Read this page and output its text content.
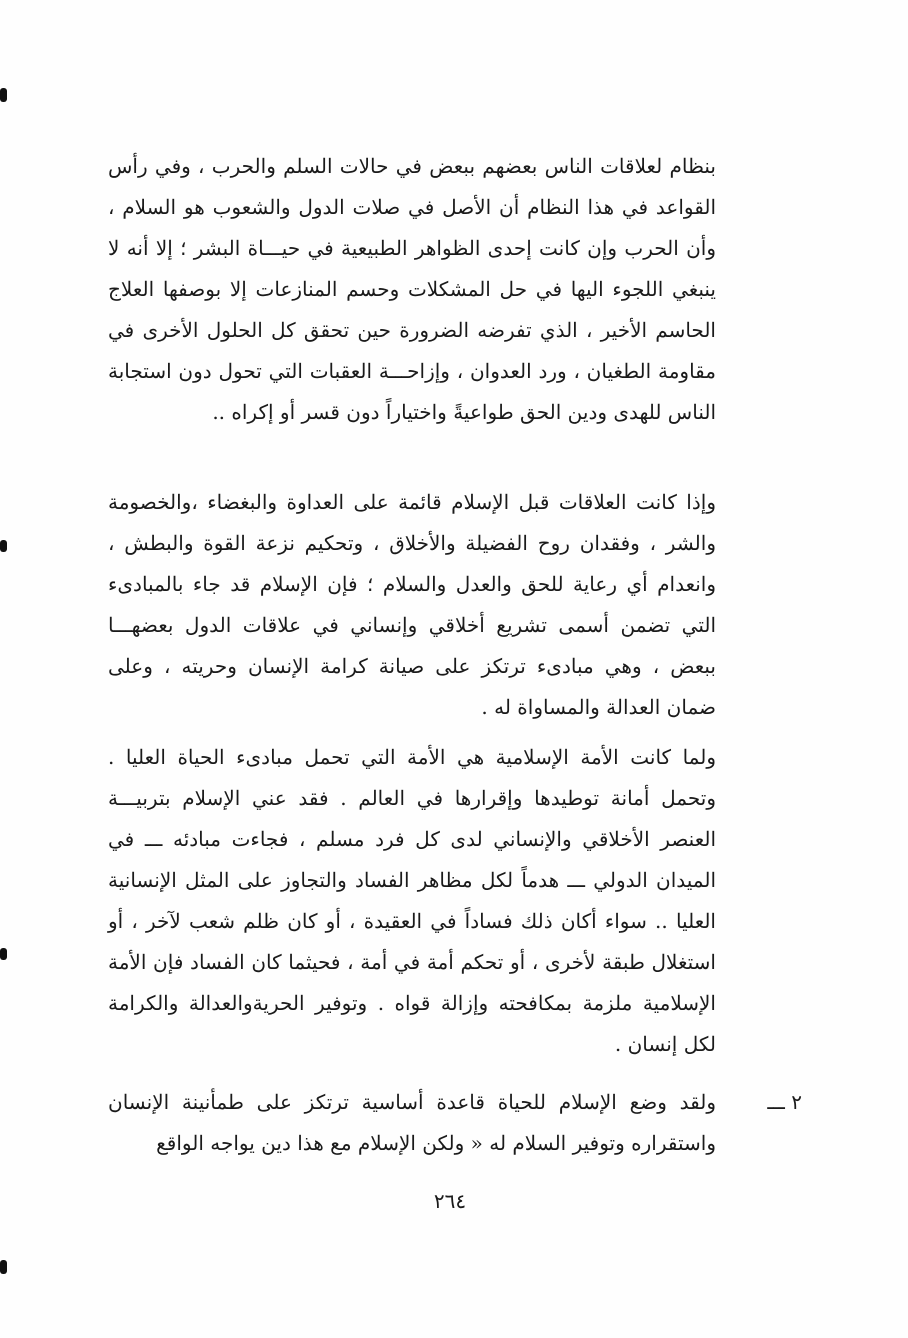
بنظام لعلاقات الناس بعضهم ببعض في حالات السلم والحرب ، وفي رأس القواعد في هذا النظام أن الأصل في صلات الدول والشعوب هو السلام ، وأن الحرب وإن كانت إحدى الظواهر الطبيعية في حيـــاة البشر ؛ إلا أنه لا ينبغي اللجوء اليها في حل المشكلات وحسم المنازعات إلا بوصفها العلاج الحاسم الأخير ، الذي تفرضه الضرورة حين تحقق كل الحلول الأخرى في مقاومة الطغيان ، ورد العدوان ، وإزاحـــة العقبات التي تحول دون استجابة الناس للهدى ودين الحق طواعيةً واختياراً دون قسر أو إكراه ..

وإذا كانت العلاقات قبل الإسلام قائمة على العداوة والبغضاء ،والخصومة والشر ، وفقدان روح الفضيلة والأخلاق ، وتحكيم نزعة القوة والبطش ، وانعدام أي رعاية للحق والعدل والسلام ؛ فإن الإسلام قد جاء بالمبادىء التي تضمن أسمى تشريع أخلاقي وإنساني في علاقات الدول بعضهـــا ببعض ، وهي مبادىء ترتكز على صيانة كرامة الإنسان وحريته ، وعلى ضمان العدالة والمساواة له .

ولما كانت الأمة الإسلامية هي الأمة التي تحمل مبادىء الحياة العليا . وتحمل أمانة توطيدها وإقرارها في العالم . فقد عني الإسلام بتربيـــة العنصر الأخلاقي والإنساني لدى كل فرد مسلم ، فجاءت مبادئه ـــ في الميدان الدولي ـــ هدماً لكل مظاهر الفساد والتجاوز على المثل الإنسانية العليا .. سواء أكان ذلك فساداً في العقيدة ، أو كان ظلم شعب لآخر ، أو استغلال طبقة لأخرى ، أو تحكم أمة في أمة ، فحيثما كان الفساد فإن الأمة الإسلامية ملزمة بمكافحته وإزالة قواه . وتوفير الحريةوالعدالة والكرامة لكل إنسان .

٢ ـــ

ولقد وضع الإسلام للحياة قاعدة أساسية ترتكز على طمأنينة الإنسان واستقراره وتوفير السلام له « ولكن الإسلام مع هذا دين يواجه الواقع

٢٦٤
